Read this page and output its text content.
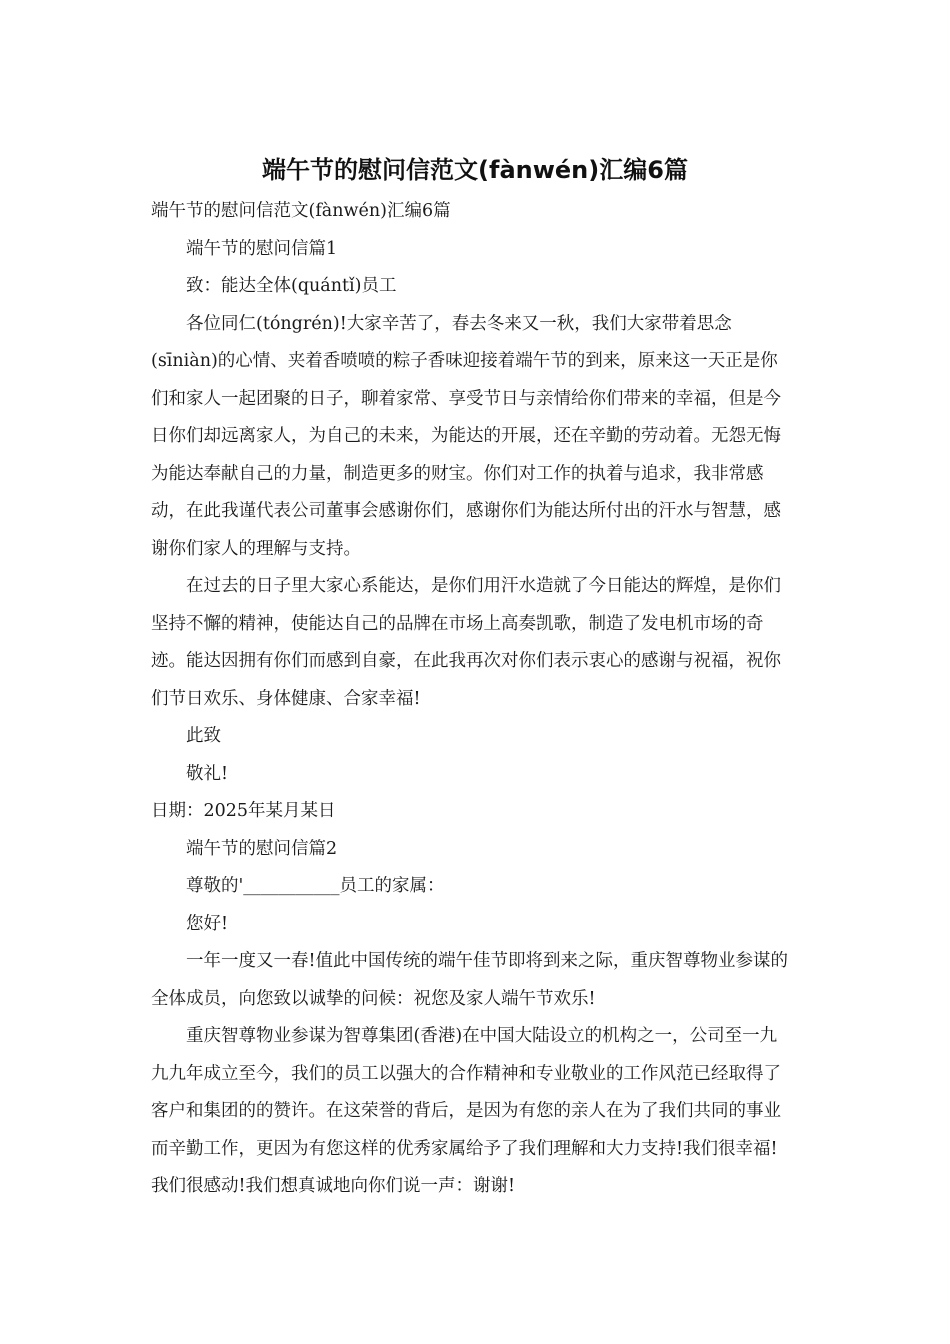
端午节的慰问信范文(fànwén)汇编6篇

端午节的慰问信范文(fànwén)汇编6篇

端午节的慰问信篇1

致：能达全体(quántǐ)员工

各位同仁(tóngrén)!大家辛苦了，春去冬来又一秋，我们大家带着思念(sīniàn)的心情、夹着香喷喷的粽子香味迎接着端午节的到来，原来这一天正是你们和家人一起团聚的日子，聊着家常、享受节日与亲情给你们带来的幸福，但是今日你们却远离家人，为自己的未来，为能达的开展，还在辛勤的劳动着。无怨无悔为能达奉献自己的力量，制造更多的财宝。你们对工作的执着与追求，我非常感动，在此我谨代表公司董事会感谢你们，感谢你们为能达所付出的汗水与智慧，感谢你们家人的理解与支持。

在过去的日子里大家心系能达，是你们用汗水造就了今日能达的辉煌，是你们坚持不懈的精神，使能达自己的品牌在市场上高奏凯歌，制造了发电机市场的奇迹。能达因拥有你们而感到自豪，在此我再次对你们表示衷心的感谢与祝福，祝你们节日欢乐、身体健康、合家幸福!

此致

敬礼!

日期：2025年某月某日

端午节的慰问信篇2

尊敬的'___________员工的家属：

您好!

一年一度又一春!值此中国传统的端午佳节即将到来之际，重庆智尊物业参谋的全体成员，向您致以诚挚的问候：祝您及家人端午节欢乐!

重庆智尊物业参谋为智尊集团(香港)在中国大陆设立的机构之一，公司至一九九九年成立至今，我们的员工以强大的合作精神和专业敬业的工作风范已经取得了客户和集团的的赞许。在这荣誉的背后，是因为有您的亲人在为了我们共同的事业而辛勤工作，更因为有您这样的优秀家属给予了我们理解和大力支持!我们很幸福!我们很感动!我们想真诚地向你们说一声：谢谢!
